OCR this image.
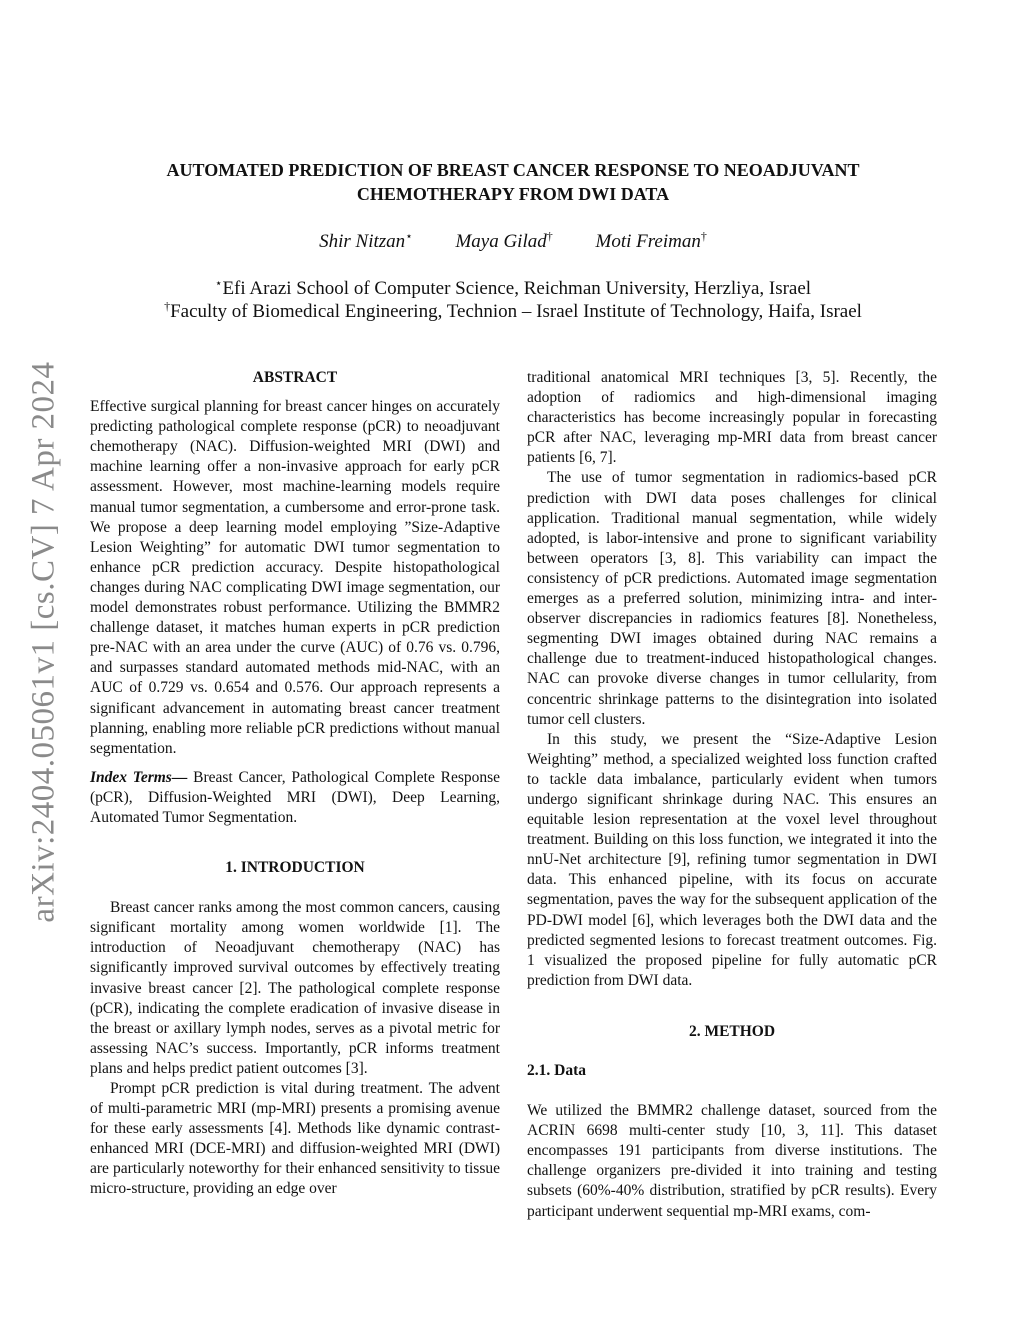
arXiv:2404.05061v1 [cs.CV] 7 Apr 2024
AUTOMATED PREDICTION OF BREAST CANCER RESPONSE TO NEOADJUVANT
CHEMOTHERAPY FROM DWI DATA
Shir Nitzan⋆ Maya Gilad† Moti Freiman†
⋆Efi Arazi School of Computer Science, Reichman University, Herzliya, Israel
†Faculty of Biomedical Engineering, Technion – Israel Institute of Technology, Haifa, Israel
ABSTRACT

Effective surgical planning for breast cancer hinges on accurately predicting pathological complete response (pCR) to neoadjuvant chemotherapy (NAC). Diffusion-weighted MRI (DWI) and machine learning offer a non-invasive approach for early pCR assessment. However, most machine-learning models require manual tumor segmentation, a cumbersome and error-prone task. We propose a deep learning model employing ”Size-Adaptive Lesion Weighting” for automatic DWI tumor segmentation to enhance pCR prediction accuracy. Despite histopathological changes during NAC complicating DWI image segmentation, our model demonstrates robust performance. Utilizing the BMMR2 challenge dataset, it matches human experts in pCR prediction pre-NAC with an area under the curve (AUC) of 0.76 vs. 0.796, and surpasses standard automated methods mid-NAC, with an AUC of 0.729 vs. 0.654 and 0.576. Our approach represents a significant advancement in automating breast cancer treatment planning, enabling more reliable pCR predictions without manual segmentation.

Index Terms— Breast Cancer, Pathological Complete Response (pCR), Diffusion-Weighted MRI (DWI), Deep Learning, Automated Tumor Segmentation.

1. INTRODUCTION

Breast cancer ranks among the most common cancers, causing significant mortality among women worldwide [1]. The introduction of Neoadjuvant chemotherapy (NAC) has significantly improved survival outcomes by effectively treating invasive breast cancer [2]. The pathological complete response (pCR), indicating the complete eradication of invasive disease in the breast or axillary lymph nodes, serves as a pivotal metric for assessing NAC’s success. Importantly, pCR informs treatment plans and helps predict patient outcomes [3].

Prompt pCR prediction is vital during treatment. The advent of multi-parametric MRI (mp-MRI) presents a promising avenue for these early assessments [4]. Methods like dynamic contrast-enhanced MRI (DCE-MRI) and diffusion-weighted MRI (DWI) are particularly noteworthy for their enhanced sensitivity to tissue micro-structure, providing an edge over

traditional anatomical MRI techniques [3, 5]. Recently, the adoption of radiomics and high-dimensional imaging characteristics has become increasingly popular in forecasting pCR after NAC, leveraging mp-MRI data from breast cancer patients [6, 7].

The use of tumor segmentation in radiomics-based pCR prediction with DWI data poses challenges for clinical application. Traditional manual segmentation, while widely adopted, is labor-intensive and prone to significant variability between operators [3, 8]. This variability can impact the consistency of pCR predictions. Automated image segmentation emerges as a preferred solution, minimizing intra- and inter-observer discrepancies in radiomics features [8]. Nonetheless, segmenting DWI images obtained during NAC remains a challenge due to treatment-induced histopathological changes. NAC can provoke diverse changes in tumor cellularity, from concentric shrinkage patterns to the disintegration into isolated tumor cell clusters.

In this study, we present the “Size-Adaptive Lesion Weighting” method, a specialized weighted loss function crafted to tackle data imbalance, particularly evident when tumors undergo significant shrinkage during NAC. This ensures an equitable lesion representation at the voxel level throughout treatment. Building on this loss function, we integrated it into the nnU-Net architecture [9], refining tumor segmentation in DWI data. This enhanced pipeline, with its focus on accurate segmentation, paves the way for the subsequent application of the PD-DWI model [6], which leverages both the DWI data and the predicted segmented lesions to forecast treatment outcomes. Fig. 1 visualized the proposed pipeline for fully automatic pCR prediction from DWI data.

2. METHOD
2.1. Data

We utilized the BMMR2 challenge dataset, sourced from the ACRIN 6698 multi-center study [10, 3, 11]. This dataset encompasses 191 participants from diverse institutions. The challenge organizers pre-divided it into training and testing subsets (60%-40% distribution, stratified by pCR results). Every participant underwent sequential mp-MRI exams, com-
